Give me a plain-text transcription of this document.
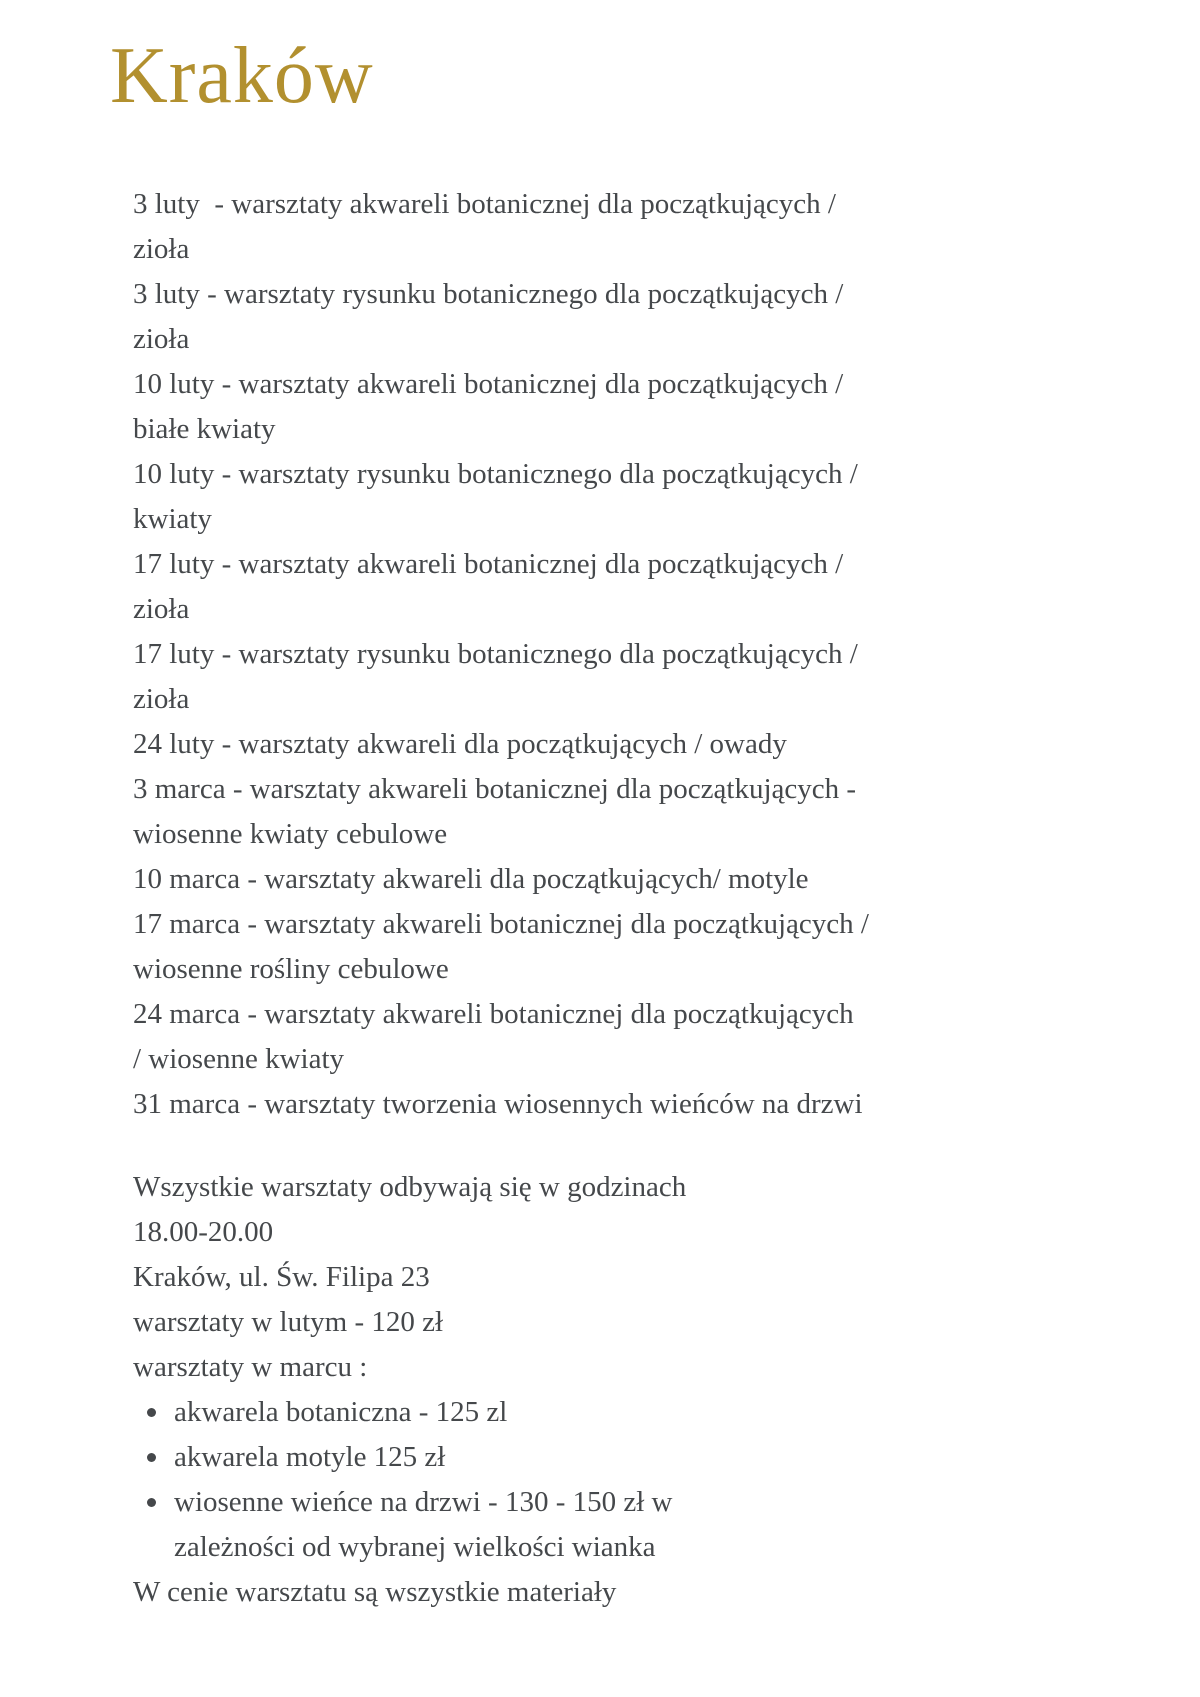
Kraków
3 luty  - warsztaty akwareli botanicznej dla początkujących /
zioła
3 luty - warsztaty rysunku botanicznego dla początkujących /
zioła
10 luty - warsztaty akwareli botanicznej dla początkujących /
białe kwiaty
10 luty - warsztaty rysunku botanicznego dla początkujących /
kwiaty
17 luty - warsztaty akwareli botanicznej dla początkujących /
zioła
17 luty - warsztaty rysunku botanicznego dla początkujących /
zioła
24 luty - warsztaty akwareli dla początkujących / owady
3 marca - warsztaty akwareli botanicznej dla początkujących -
wiosenne kwiaty cebulowe
10 marca - warsztaty akwareli dla początkujących/ motyle
17 marca - warsztaty akwareli botanicznej dla początkujących /
wiosenne rośliny cebulowe
24 marca - warsztaty akwareli botanicznej dla początkujących
/ wiosenne kwiaty
31 marca - warsztaty tworzenia wiosennych wieńców na drzwi
Wszystkie warsztaty odbywają się w godzinach
18.00-20.00
Kraków, ul. Św. Filipa 23
warsztaty w lutym - 120 zł
warsztaty w marcu :
akwarela botaniczna - 125 zl
akwarela motyle 125 zł
wiosenne wieńce na drzwi - 130 - 150 zł w
zależności od wybranej wielkości wianka
W cenie warsztatu są wszystkie materiały
